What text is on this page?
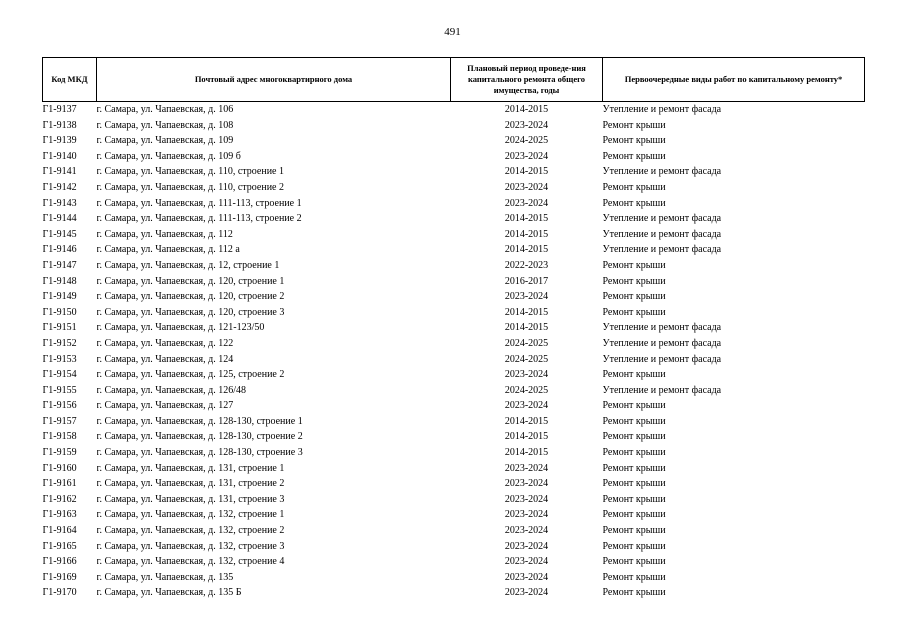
491
Код МКД	Почтовый адрес многоквартирного дома	Плановый период проведе-ния капитального ремонта общего имущества, годы	Первоочередные виды работ по капитальному ремонту*
Г1-9137	г. Самара, ул. Чапаевская, д. 106	2014-2015	Утепление и ремонт фасада
Г1-9138	г. Самара, ул. Чапаевская, д. 108	2023-2024	Ремонт крыши
Г1-9139	г. Самара, ул. Чапаевская, д. 109	2024-2025	Ремонт крыши
Г1-9140	г. Самара, ул. Чапаевская, д. 109 б	2023-2024	Ремонт крыши
Г1-9141	г. Самара, ул. Чапаевская, д. 110, строение 1	2014-2015	Утепление и ремонт фасада
Г1-9142	г. Самара, ул. Чапаевская, д. 110, строение 2	2023-2024	Ремонт крыши
Г1-9143	г. Самара, ул. Чапаевская, д. 111-113, строение 1	2023-2024	Ремонт крыши
Г1-9144	г. Самара, ул. Чапаевская, д. 111-113, строение 2	2014-2015	Утепление и ремонт фасада
Г1-9145	г. Самара, ул. Чапаевская, д. 112	2014-2015	Утепление и ремонт фасада
Г1-9146	г. Самара, ул. Чапаевская, д. 112 а	2014-2015	Утепление и ремонт фасада
Г1-9147	г. Самара, ул. Чапаевская, д. 12, строение 1	2022-2023	Ремонт крыши
Г1-9148	г. Самара, ул. Чапаевская, д. 120, строение 1	2016-2017	Ремонт крыши
Г1-9149	г. Самара, ул. Чапаевская, д. 120, строение 2	2023-2024	Ремонт крыши
Г1-9150	г. Самара, ул. Чапаевская, д. 120, строение 3	2014-2015	Ремонт крыши
Г1-9151	г. Самара, ул. Чапаевская, д. 121-123/50	2014-2015	Утепление и ремонт фасада
Г1-9152	г. Самара, ул. Чапаевская, д. 122	2024-2025	Утепление и ремонт фасада
Г1-9153	г. Самара, ул. Чапаевская, д. 124	2024-2025	Утепление и ремонт фасада
Г1-9154	г. Самара, ул. Чапаевская, д. 125, строение 2	2023-2024	Ремонт крыши
Г1-9155	г. Самара, ул. Чапаевская, д. 126/48	2024-2025	Утепление и ремонт фасада
Г1-9156	г. Самара, ул. Чапаевская, д. 127	2023-2024	Ремонт крыши
Г1-9157	г. Самара, ул. Чапаевская, д. 128-130, строение 1	2014-2015	Ремонт крыши
Г1-9158	г. Самара, ул. Чапаевская, д. 128-130, строение 2	2014-2015	Ремонт крыши
Г1-9159	г. Самара, ул. Чапаевская, д. 128-130, строение 3	2014-2015	Ремонт крыши
Г1-9160	г. Самара, ул. Чапаевская, д. 131, строение 1	2023-2024	Ремонт крыши
Г1-9161	г. Самара, ул. Чапаевская, д. 131, строение 2	2023-2024	Ремонт крыши
Г1-9162	г. Самара, ул. Чапаевская, д. 131, строение 3	2023-2024	Ремонт крыши
Г1-9163	г. Самара, ул. Чапаевская, д. 132, строение 1	2023-2024	Ремонт крыши
Г1-9164	г. Самара, ул. Чапаевская, д. 132, строение 2	2023-2024	Ремонт крыши
Г1-9165	г. Самара, ул. Чапаевская, д. 132, строение 3	2023-2024	Ремонт крыши
Г1-9166	г. Самара, ул. Чапаевская, д. 132, строение 4	2023-2024	Ремонт крыши
Г1-9169	г. Самара, ул. Чапаевская, д. 135	2023-2024	Ремонт крыши
Г1-9170	г. Самара, ул. Чапаевская, д. 135 Б	2023-2024	Ремонт крыши
